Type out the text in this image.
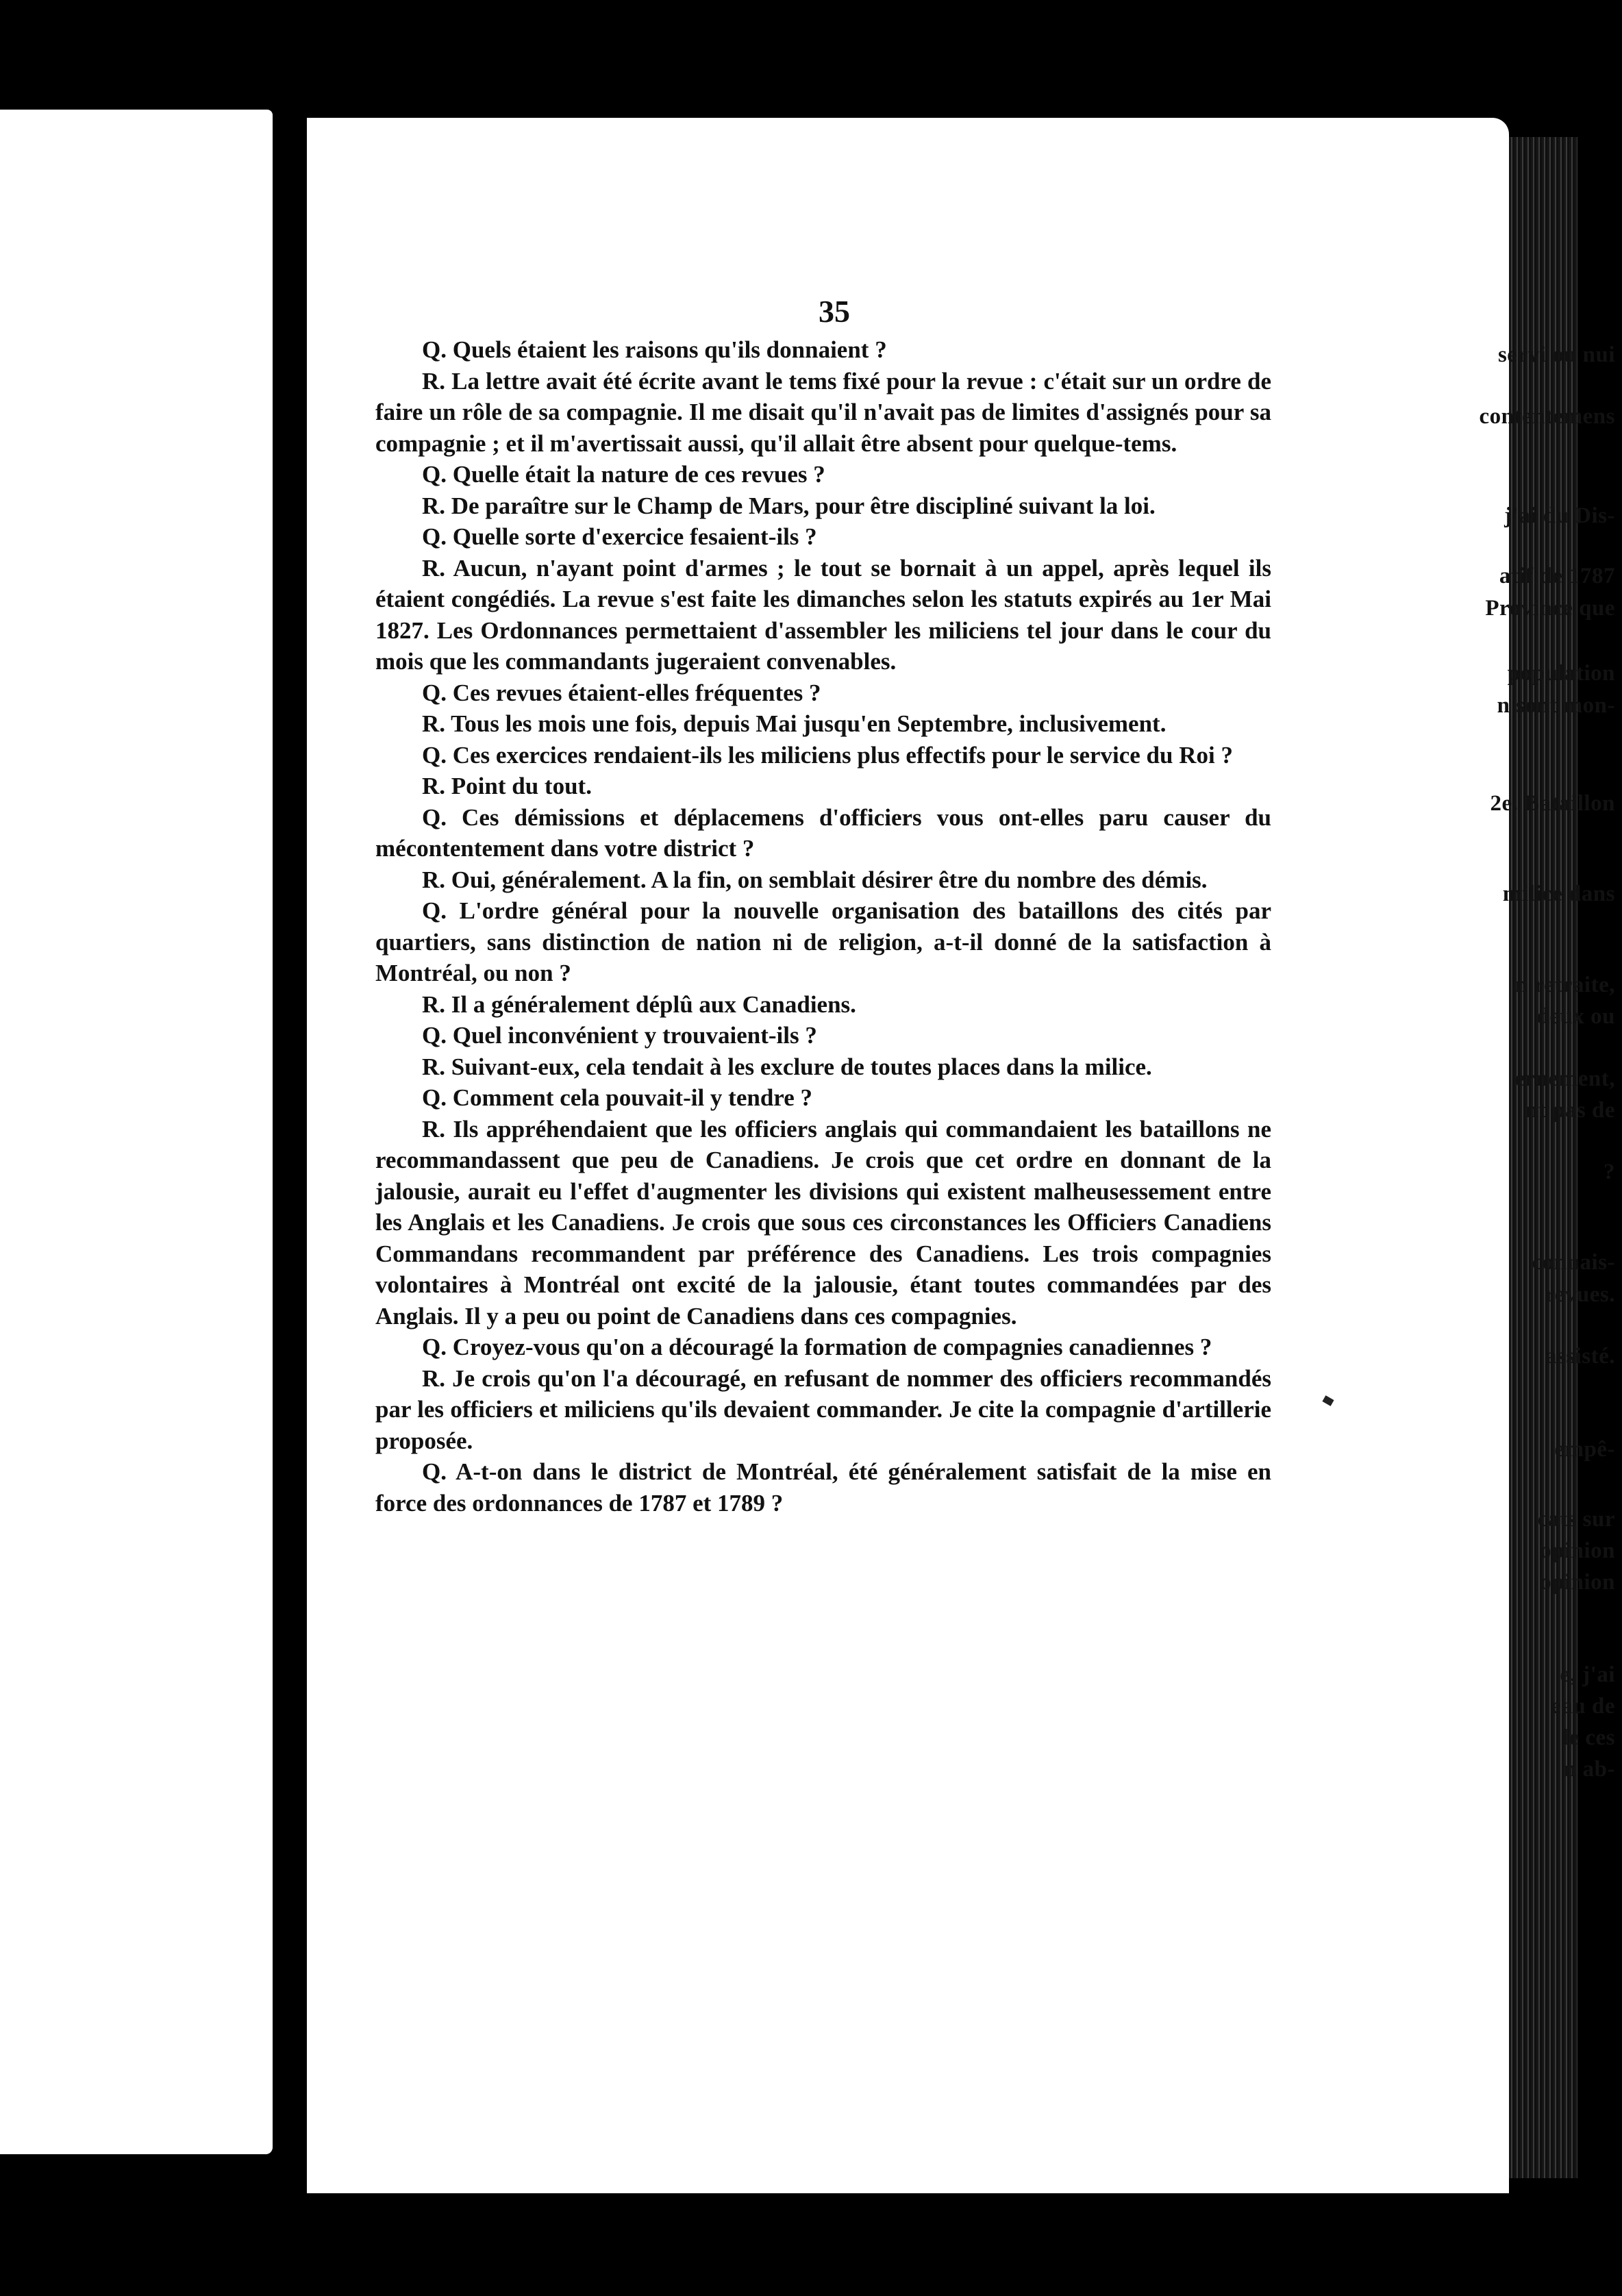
35

Q. Quels étaient les raisons qu'ils donnaient ?

R. La lettre avait été écrite avant le tems fixé pour la revue : c'était sur un ordre de faire un rôle de sa compagnie. Il me disait qu'il n'avait pas de limites d'assignés pour sa compagnie ; et il m'avertissait aussi, qu'il allait être absent pour quelque-tems.

Q. Quelle était la nature de ces revues ?

R. De paraître sur le Champ de Mars, pour être discipliné suivant la loi.

Q. Quelle sorte d'exercice fesaient-ils ?

R. Aucun, n'ayant point d'armes ; le tout se bornait à un appel, après lequel ils étaient congédiés. La revue s'est faite les dimanches selon les statuts expirés au 1er Mai 1827. Les Ordonnances permettaient d'assembler les miliciens tel jour dans le cour du mois que les commandants jugeraient convenables.

Q. Ces revues étaient-elles fréquentes ?

R. Tous les mois une fois, depuis Mai jusqu'en Septembre, inclusivement.

Q. Ces exercices rendaient-ils les miliciens plus effectifs pour le service du Roi ?

R. Point du tout.

Q. Ces démissions et déplacemens d'officiers vous ont-elles paru causer du mécontentement dans votre district ?

R. Oui, généralement. A la fin, on semblait désirer être du nombre des démis.

Q. L'ordre général pour la nouvelle organisation des bataillons des cités par quartiers, sans distinction de nation ni de religion, a-t-il donné de la satisfaction à Montréal, ou non ?

R. Il a généralement déplû aux Canadiens.

Q. Quel inconvénient y trouvaient-ils ?

R. Suivant-eux, cela tendait à les exclure de toutes places dans la milice.

Q. Comment cela pouvait-il y tendre ?

R. Ils appréhendaient que les officiers anglais qui commandaient les bataillons ne recommandassent que peu de Canadiens. Je crois que cet ordre en donnant de la jalousie, aurait eu l'effet d'augmenter les divisions qui existent malheusessement entre les Anglais et les Canadiens. Je crois que sous ces circonstances les Officiers Canadiens Commandans recommandent par préférence des Canadiens. Les trois compagnies volontaires à Montréal ont excité de la jalousie, étant toutes commandées par des Anglais. Il y a peu ou point de Canadiens dans ces compagnies.

Q. Croyez-vous qu'on a découragé la formation de compagnies canadiennes ?

R. Je crois qu'on l'a découragé, en refusant de nommer des officiers recommandés par les officiers et miliciens qu'ils devaient commander. Je cite la compagnie d'artillerie proposée.

Q. A-t-on dans le district de Montréal, été généralement satisfait de la mise en force des ordonnances de 1787 et 1789 ?

servi ou nui
contentemens
j'ai du Dis-
atif de 1787
Province que
population
n sont mon-
2e. Bataillon
milice dans
n retraite,
deux ou
ernement,
nt pas de
?
connais-
revues.
assisté.
empê-
cats sur
opinion
opinion
e, j'ai
eau de
le ces
n ab-
